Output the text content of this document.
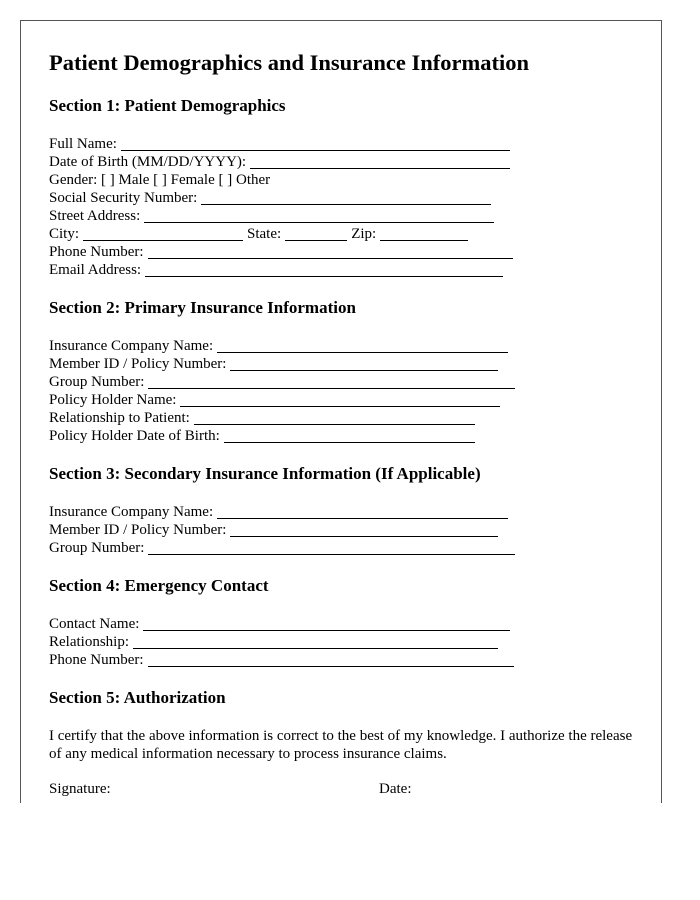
Patient Demographics and Insurance Information
Section 1: Patient Demographics
Full Name:
Date of Birth (MM/DD/YYYY):
Gender: [ ] Male [ ] Female [ ] Other
Social Security Number:
Street Address:
City:	State:	Zip:
Phone Number:
Email Address:
Section 2: Primary Insurance Information
Insurance Company Name:
Member ID / Policy Number:
Group Number:
Policy Holder Name:
Relationship to Patient:
Policy Holder Date of Birth:
Section 3: Secondary Insurance Information (If Applicable)
Insurance Company Name:
Member ID / Policy Number:
Group Number:
Section 4: Emergency Contact
Contact Name:
Relationship:
Phone Number:
Section 5: Authorization

I certify that the above information is correct to the best of my knowledge. I authorize the release of any medical information necessary to process insurance claims.

Signature:	Date:
